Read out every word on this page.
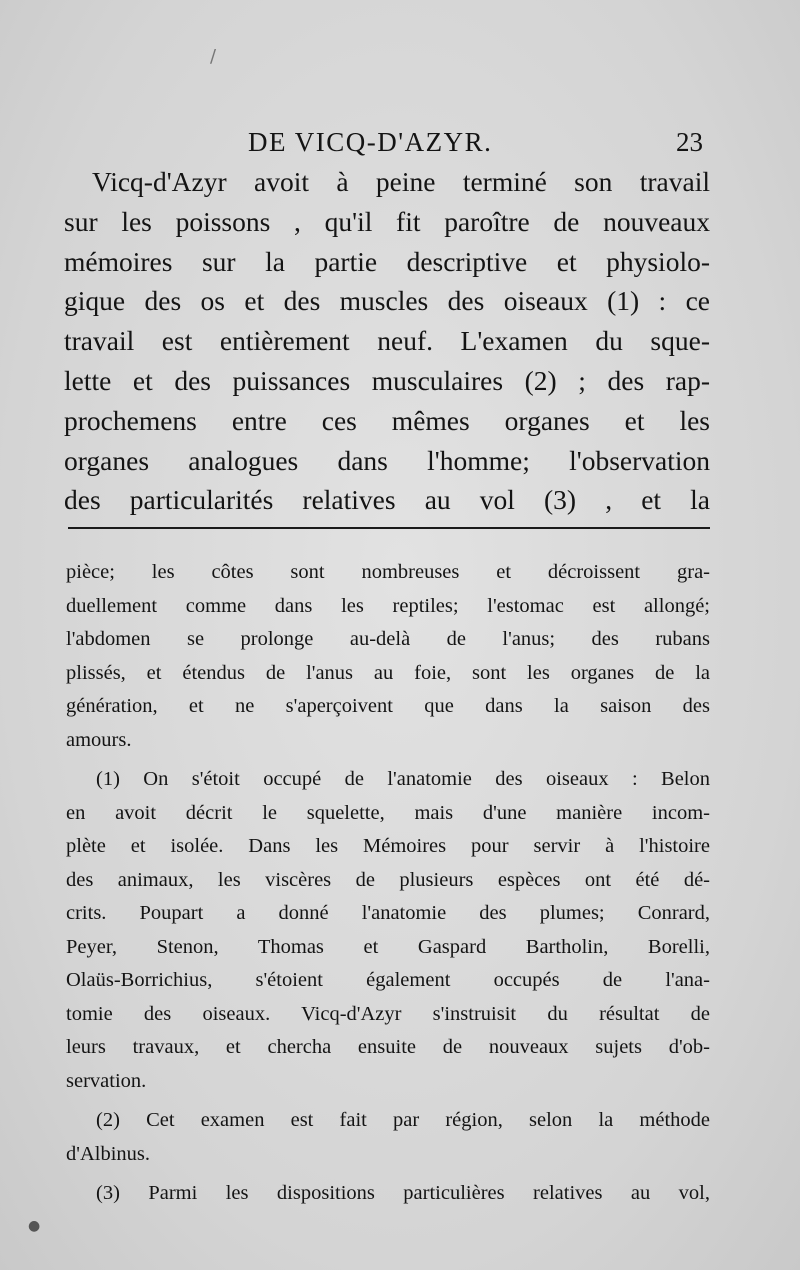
DE VICQ-D'AZYR.	23
Vicq-d'Azyr avoit à peine terminé son travail
sur les poissons , qu'il fit paroître de nouveaux
mémoires sur la partie descriptive et physiolo-
gique des os et des muscles des oiseaux (1) : ce
travail est entièrement neuf. L'examen du sque-
lette et des puissances musculaires (2) ; des rap-
prochemens entre ces mêmes organes et les
organes analogues dans l'homme; l'observation
des particularités relatives au vol (3) , et la
pièce; les côtes sont nombreuses et décroissent gra-
duellement comme dans les reptiles; l'estomac est allongé;
l'abdomen se prolonge au-delà de l'anus; des rubans
plissés, et étendus de l'anus au foie, sont les organes de la
génération, et ne s'aperçoivent que dans la saison des
amours.
(1) On s'étoit occupé de l'anatomie des oiseaux : Belon
en avoit décrit le squelette, mais d'une manière incom-
plète et isolée. Dans les Mémoires pour servir à l'histoire
des animaux, les viscères de plusieurs espèces ont été dé-
crits. Poupart a donné l'anatomie des plumes; Conrard,
Peyer, Stenon, Thomas et Gaspard Bartholin, Borelli,
Olaüs-Borrichius, s'étoient également occupés de l'ana-
tomie des oiseaux. Vicq-d'Azyr s'instruisit du résultat de
leurs travaux, et chercha ensuite de nouveaux sujets d'ob-
servation.
(2) Cet examen est fait par région, selon la méthode
d'Albinus.
(3) Parmi les dispositions particulières relatives au vol,
/
●
